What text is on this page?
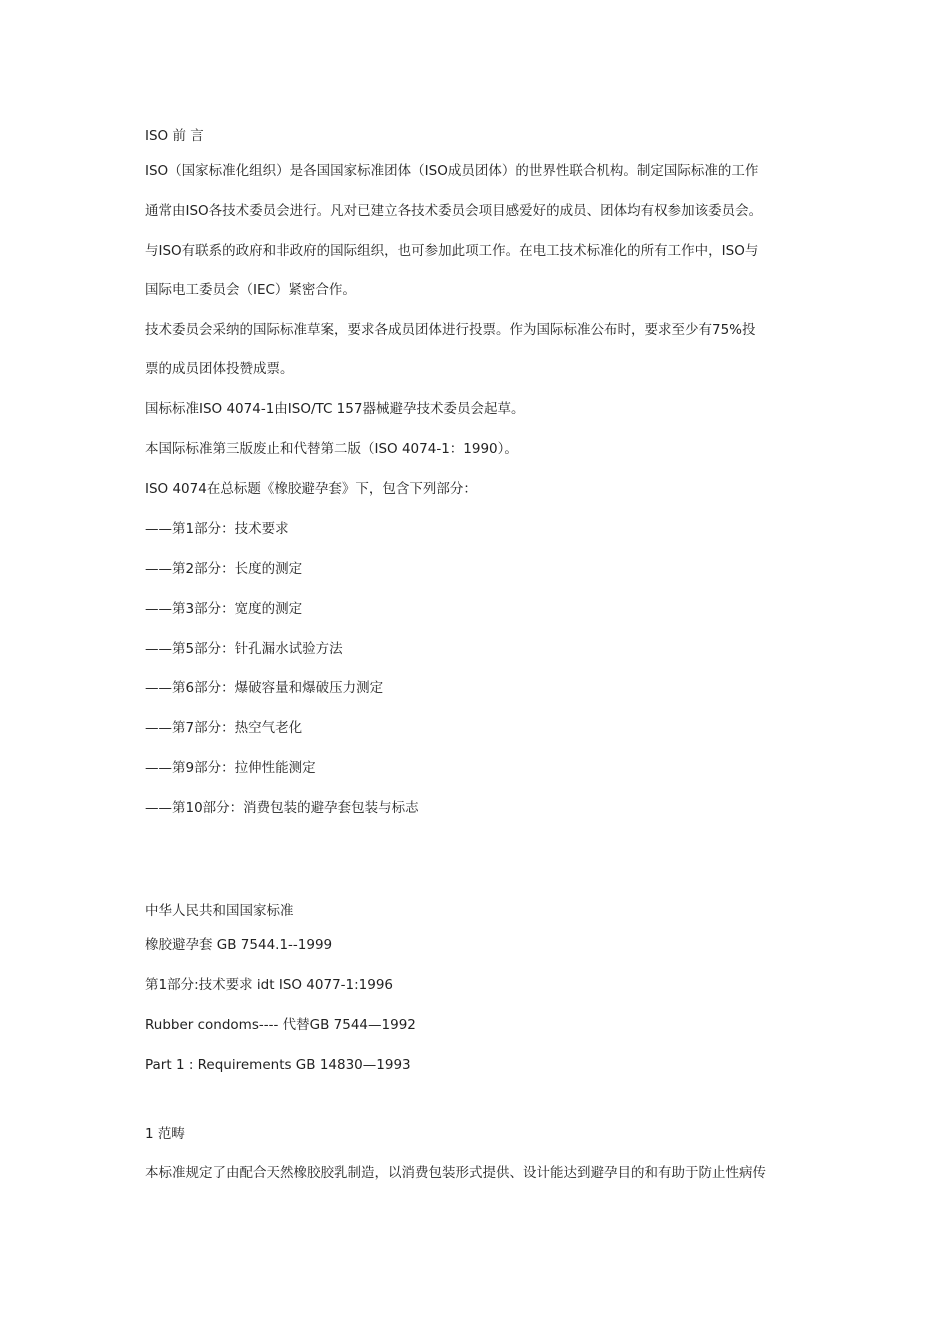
ISO 前 言
ISO（国家标准化组织）是各国国家标准团体（ISO成员团体）的世界性联合机构。制定国际标准的工作
通常由ISO各技术委员会进行。凡对已建立各技术委员会项目感爱好的成员、团体均有权参加该委员会。
与ISO有联系的政府和非政府的国际组织，也可参加此项工作。在电工技术标准化的所有工作中，ISO与
国际电工委员会（IEC）紧密合作。
技术委员会采纳的国际标准草案，要求各成员团体进行投票。作为国际标准公布时，要求至少有75%投
票的成员团体投赞成票。
国标标准ISO 4074-1由ISO/TC 157器械避孕技术委员会起草。
本国际标准第三版废止和代替第二版（ISO 4074-1：1990）。
ISO 4074在总标题《橡胶避孕套》下，包含下列部分：
——第1部分：技术要求
——第2部分：长度的测定
——第3部分：宽度的测定
——第5部分：针孔漏水试验方法
——第6部分：爆破容量和爆破压力测定
——第7部分：热空气老化
——第9部分：拉伸性能测定
——第10部分：消费包装的避孕套包装与标志
中华人民共和国国家标准
橡胶避孕套 GB 7544.1--1999
第1部分:技术要求 idt ISO 4077-1:1996
Rubber condoms---- 代替GB 7544—1992
Part 1 : Requirements GB 14830—1993
1 范畴
本标准规定了由配合天然橡胶胶乳制造，以消费包装形式提供、设计能达到避孕目的和有助于防止性病传
